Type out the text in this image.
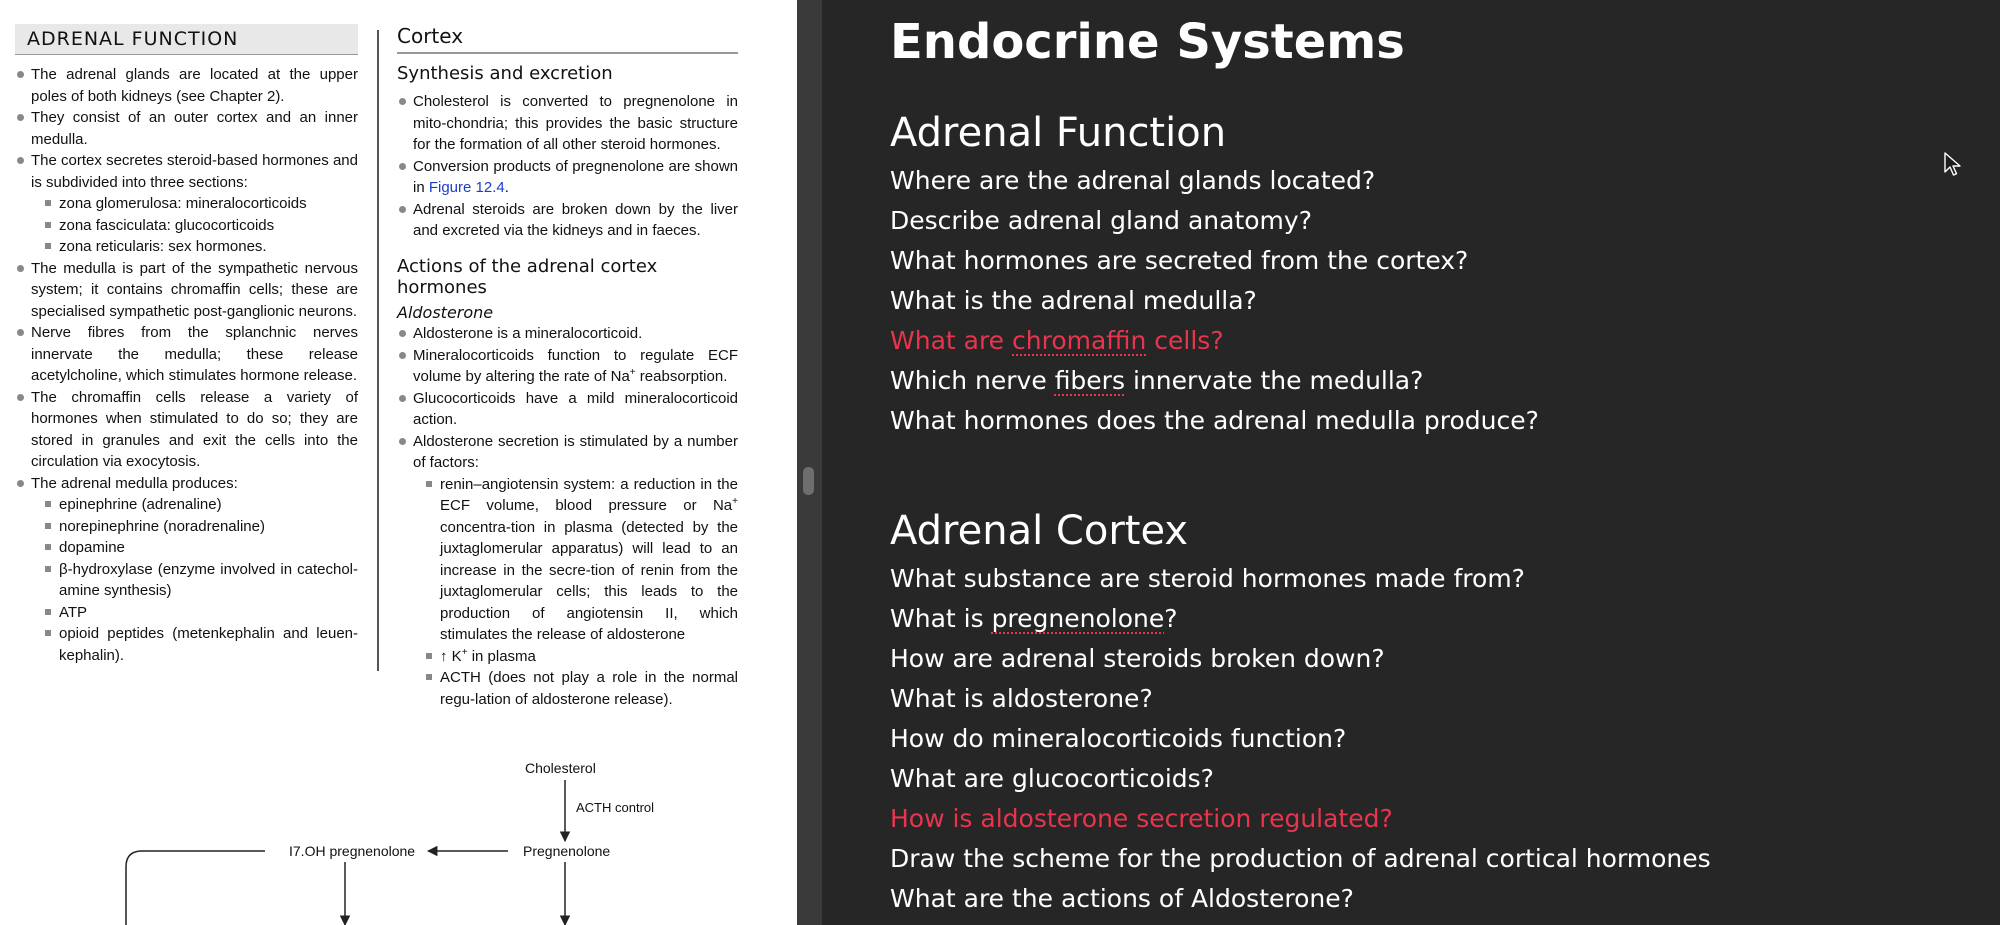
ADRENAL FUNCTION
The adrenal glands are located at the upper poles of both kidneys (see Chapter 2).
They consist of an outer cortex and an inner medulla.
The cortex secretes steroid-based hormones and is subdivided into three sections:
zona glomerulosa: mineralocorticoids
zona fasciculata: glucocorticoids
zona reticularis: sex hormones.
The medulla is part of the sympathetic nervous system; it contains chromaffin cells; these are specialised sympathetic post-ganglionic neurons.
Nerve fibres from the splanchnic nerves innervate the medulla; these release acetylcholine, which stimulates hormone release.
The chromaffin cells release a variety of hormones when stimulated to do so; they are stored in granules and exit the cells into the circulation via exocytosis.
The adrenal medulla produces:
epinephrine (adrenaline)
norepinephrine (noradrenaline)
dopamine
β-hydroxylase (enzyme involved in catechol-amine synthesis)
ATP
opioid peptides (metenkephalin and leuen-kephalin).
Cortex
Synthesis and excretion
Cholesterol is converted to pregnenolone in mito-chondria; this provides the basic structure for the formation of all other steroid hormones.
Conversion products of pregnenolone are shown in Figure 12.4.
Adrenal steroids are broken down by the liver and excreted via the kidneys and in faeces.
Actions of the adrenal cortex hormones
Aldosterone
Aldosterone is a mineralocorticoid.
Mineralocorticoids function to regulate ECF volume by altering the rate of Na+ reabsorption.
Glucocorticoids have a mild mineralocorticoid action.
Aldosterone secretion is stimulated by a number of factors:
renin–angiotensin system: a reduction in the ECF volume, blood pressure or Na+ concentra-tion in plasma (detected by the juxtaglomerular apparatus) will lead to an increase in the secre-tion of renin from the juxtaglomerular cells; this leads to the production of angiotensin II, which stimulates the release of aldosterone
↑ K+ in plasma
ACTH (does not play a role in the normal regu-lation of aldosterone release).
Cholesterol
ACTH control
Pregnenolone
I7.OH pregnenolone
Endocrine Systems
Adrenal Function
Where are the adrenal glands located?
Describe adrenal gland anatomy?
What hormones are secreted from the cortex?
What is the adrenal medulla?
What are chromaffin cells?
Which nerve fibers innervate the medulla?
What hormones does the adrenal medulla produce?
Adrenal Cortex
What substance are steroid hormones made from?
What is pregnenolone?
How are adrenal steroids broken down?
What is aldosterone?
How do mineralocorticoids function?
What are glucocorticoids?
How is aldosterone secretion regulated?
Draw the scheme for the production of adrenal cortical hormones
What are the actions of Aldosterone?
